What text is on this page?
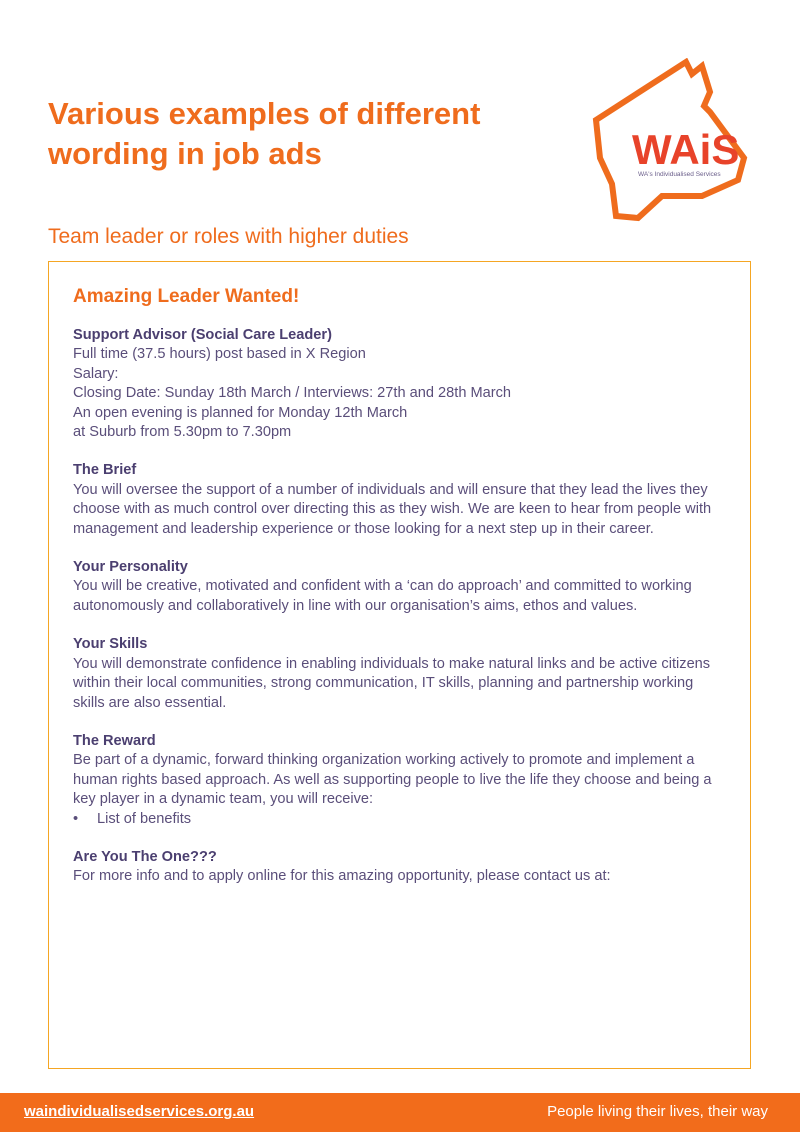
Various examples of different wording in job ads	WAiS
WA's Individualised Services
Team leader or roles with higher duties
Amazing Leader Wanted!
Support Advisor (Social Care Leader)
Full time (37.5 hours) post based in X Region
Salary:
Closing Date: Sunday 18th March / Interviews: 27th and 28th March
An open evening is planned for Monday 12th March
at Suburb from 5.30pm to 7.30pm
The Brief
You will oversee the support of a number of individuals and will ensure that they lead the lives they choose with as much control over directing this as they wish. We are keen to hear from people with management and leadership experience or those looking for a next step up in their career.
Your Personality
You will be creative, motivated and confident with a ‘can do approach’ and committed to working autonomously and collaboratively in line with our organisation’s aims, ethos and values.
Your Skills
You will demonstrate confidence in enabling individuals to make natural links and be active citizens within their local communities, strong communication, IT skills, planning and partnership working skills are also essential.
The Reward
Be part of a dynamic, forward thinking organization working actively to promote and implement a human rights based approach. As well as supporting people to live the life they choose and being a key player in a dynamic team, you will receive:
• List of benefits
Are You The One???
For more info and to apply online for this amazing opportunity, please contact us at:
waindividualisedservices.org.au	People living their lives, their way
